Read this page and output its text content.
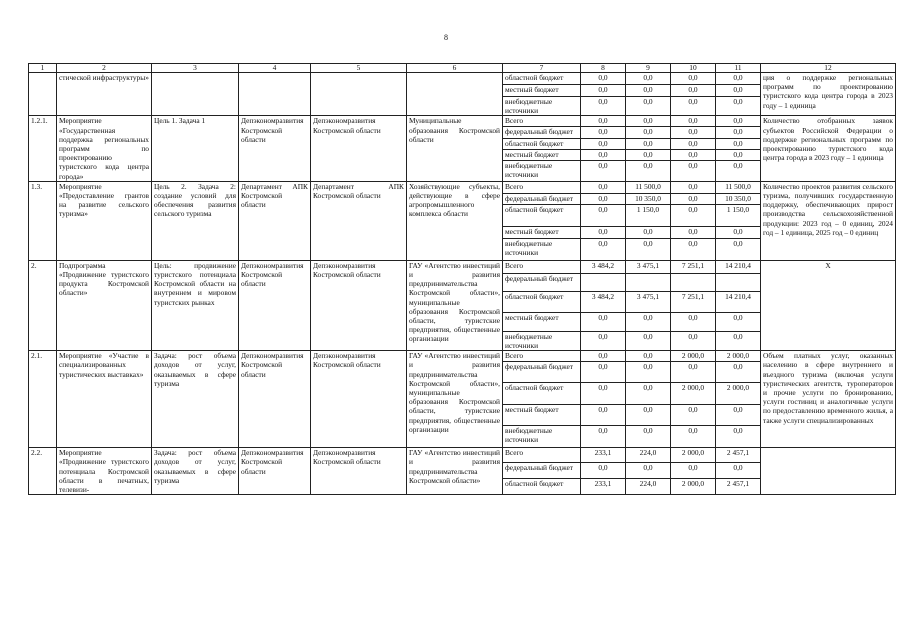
8
1	2	3	4	5	6	7	8	9	10	11	12
	стической инфраструктуры»					областной бюджет	0,0	0,0	0,0	0,0	ция о поддержке региональных программ по проектированию туристского кода центра города в 2023 году – 1 единица
						местный бюджет	0,0	0,0	0,0	0,0	
						внебюджетные источники	0,0	0,0	0,0	0,0	
1.2.1.	Мероприятие «Государственная поддержка региональных программ по проектированию туристского кода центра города»	Цель 1. Задача 1	Депэкономразвития Костромской области	Депэкономразвития Костромской области	Муниципальные образования Костромской области	Всего	0,0	0,0	0,0	0,0	Количество отобранных заявок субъектов Российской Федерации о поддержке региональных программ по проектированию туристского кода центра города в 2023 году – 1 единица
						федеральный бюджет	0,0	0,0	0,0	0,0	
						областной бюджет	0,0	0,0	0,0	0,0	
						местный бюджет	0,0	0,0	0,0	0,0	
						внебюджетные источники	0,0	0,0	0,0	0,0	
1.3.	Мероприятие «Предоставление грантов на развитие сельского туризма»	Цель 2. Задача 2: создание условий для обеспечения развития сельского туризма	Департамент АПК Костромской области	Департамент АПК Костромской области	Хозяйствующие субъекты, действующие в сфере агропромышленного комплекса области	Всего	0,0	11 500,0	0,0	11 500,0	Количество проектов развития сельского туризма, получивших государственную поддержку, обеспечивающих прирост производства сельскохозяйственной продукции: 2023 год – 0 единиц, 2024 год – 1 единица, 2025 год – 0 единиц
						федеральный бюджет	0,0	10 350,0	0,0	10 350,0	
						областной бюджет	0,0	1 150,0	0,0	1 150,0	
						местный бюджет	0,0	0,0	0,0	0,0	
						внебюджетные источники	0,0	0,0	0,0	0,0	
2.	Подпрограмма «Продвижение туристского продукта Костромской области»	Цель: продвижение туристского потенциала Костромской области на внутреннем и мировом туристских рынках	Депэкономразвития Костромской области	Депэкономразвития Костромской области	ГАУ «Агентство инвестиций и развития предпринимательства Костромской области», муниципальные образования Костромской области, туристские предприятия, общественные организации	Всего	3 484,2	3 475,1	7 251,1	14 210,4	X
						федеральный бюджет					
						областной бюджет	3 484,2	3 475,1	7 251,1	14 210,4	
						местный бюджет	0,0	0,0	0,0	0,0	
						внебюджетные источники	0,0	0,0	0,0	0,0	
2.1.	Мероприятие «Участие в специализированных туристических выставках»	Задача: рост объема доходов от услуг, оказываемых в сфере туризма	Депэкономразвития Костромской области	Депэкономразвития Костромской области	ГАУ «Агентство инвестиций и развития предпринимательства Костромской области», муниципальные образования Костромской области, туристские предприятия, общественные организации	Всего	0,0	0,0	2 000,0	2 000,0	Объем платных услуг, оказанных населению в сфере внутреннего и въездного туризма (включая услуги туристических агентств, туроператоров и прочие услуги по бронированию, услуги гостиниц и аналогичные услуги по предоставлению временного жилья, а также услуги специализированных
						федеральный бюджет	0,0	0,0	0,0	0,0	
						областной бюджет	0,0	0,0	2 000,0	2 000,0	
						местный бюджет	0,0	0,0	0,0	0,0	
						внебюджетные источники	0,0	0,0	0,0	0,0	
2.2.	Мероприятие «Продвижение туристского потенциала Костромской области в печатных, телевизи-	Задача: рост объема доходов от услуг, оказываемых в сфере туризма	Депэкономразвития Костромской области	Депэкономразвития Костромской области	ГАУ «Агентство инвестиций и развития предпринимательства Костромской области»	Всего	233,1	224,0	2 000,0	2 457,1	
						федеральный бюджет	0,0	0,0	0,0	0,0	
						областной бюджет	233,1	224,0	2 000,0	2 457,1	
